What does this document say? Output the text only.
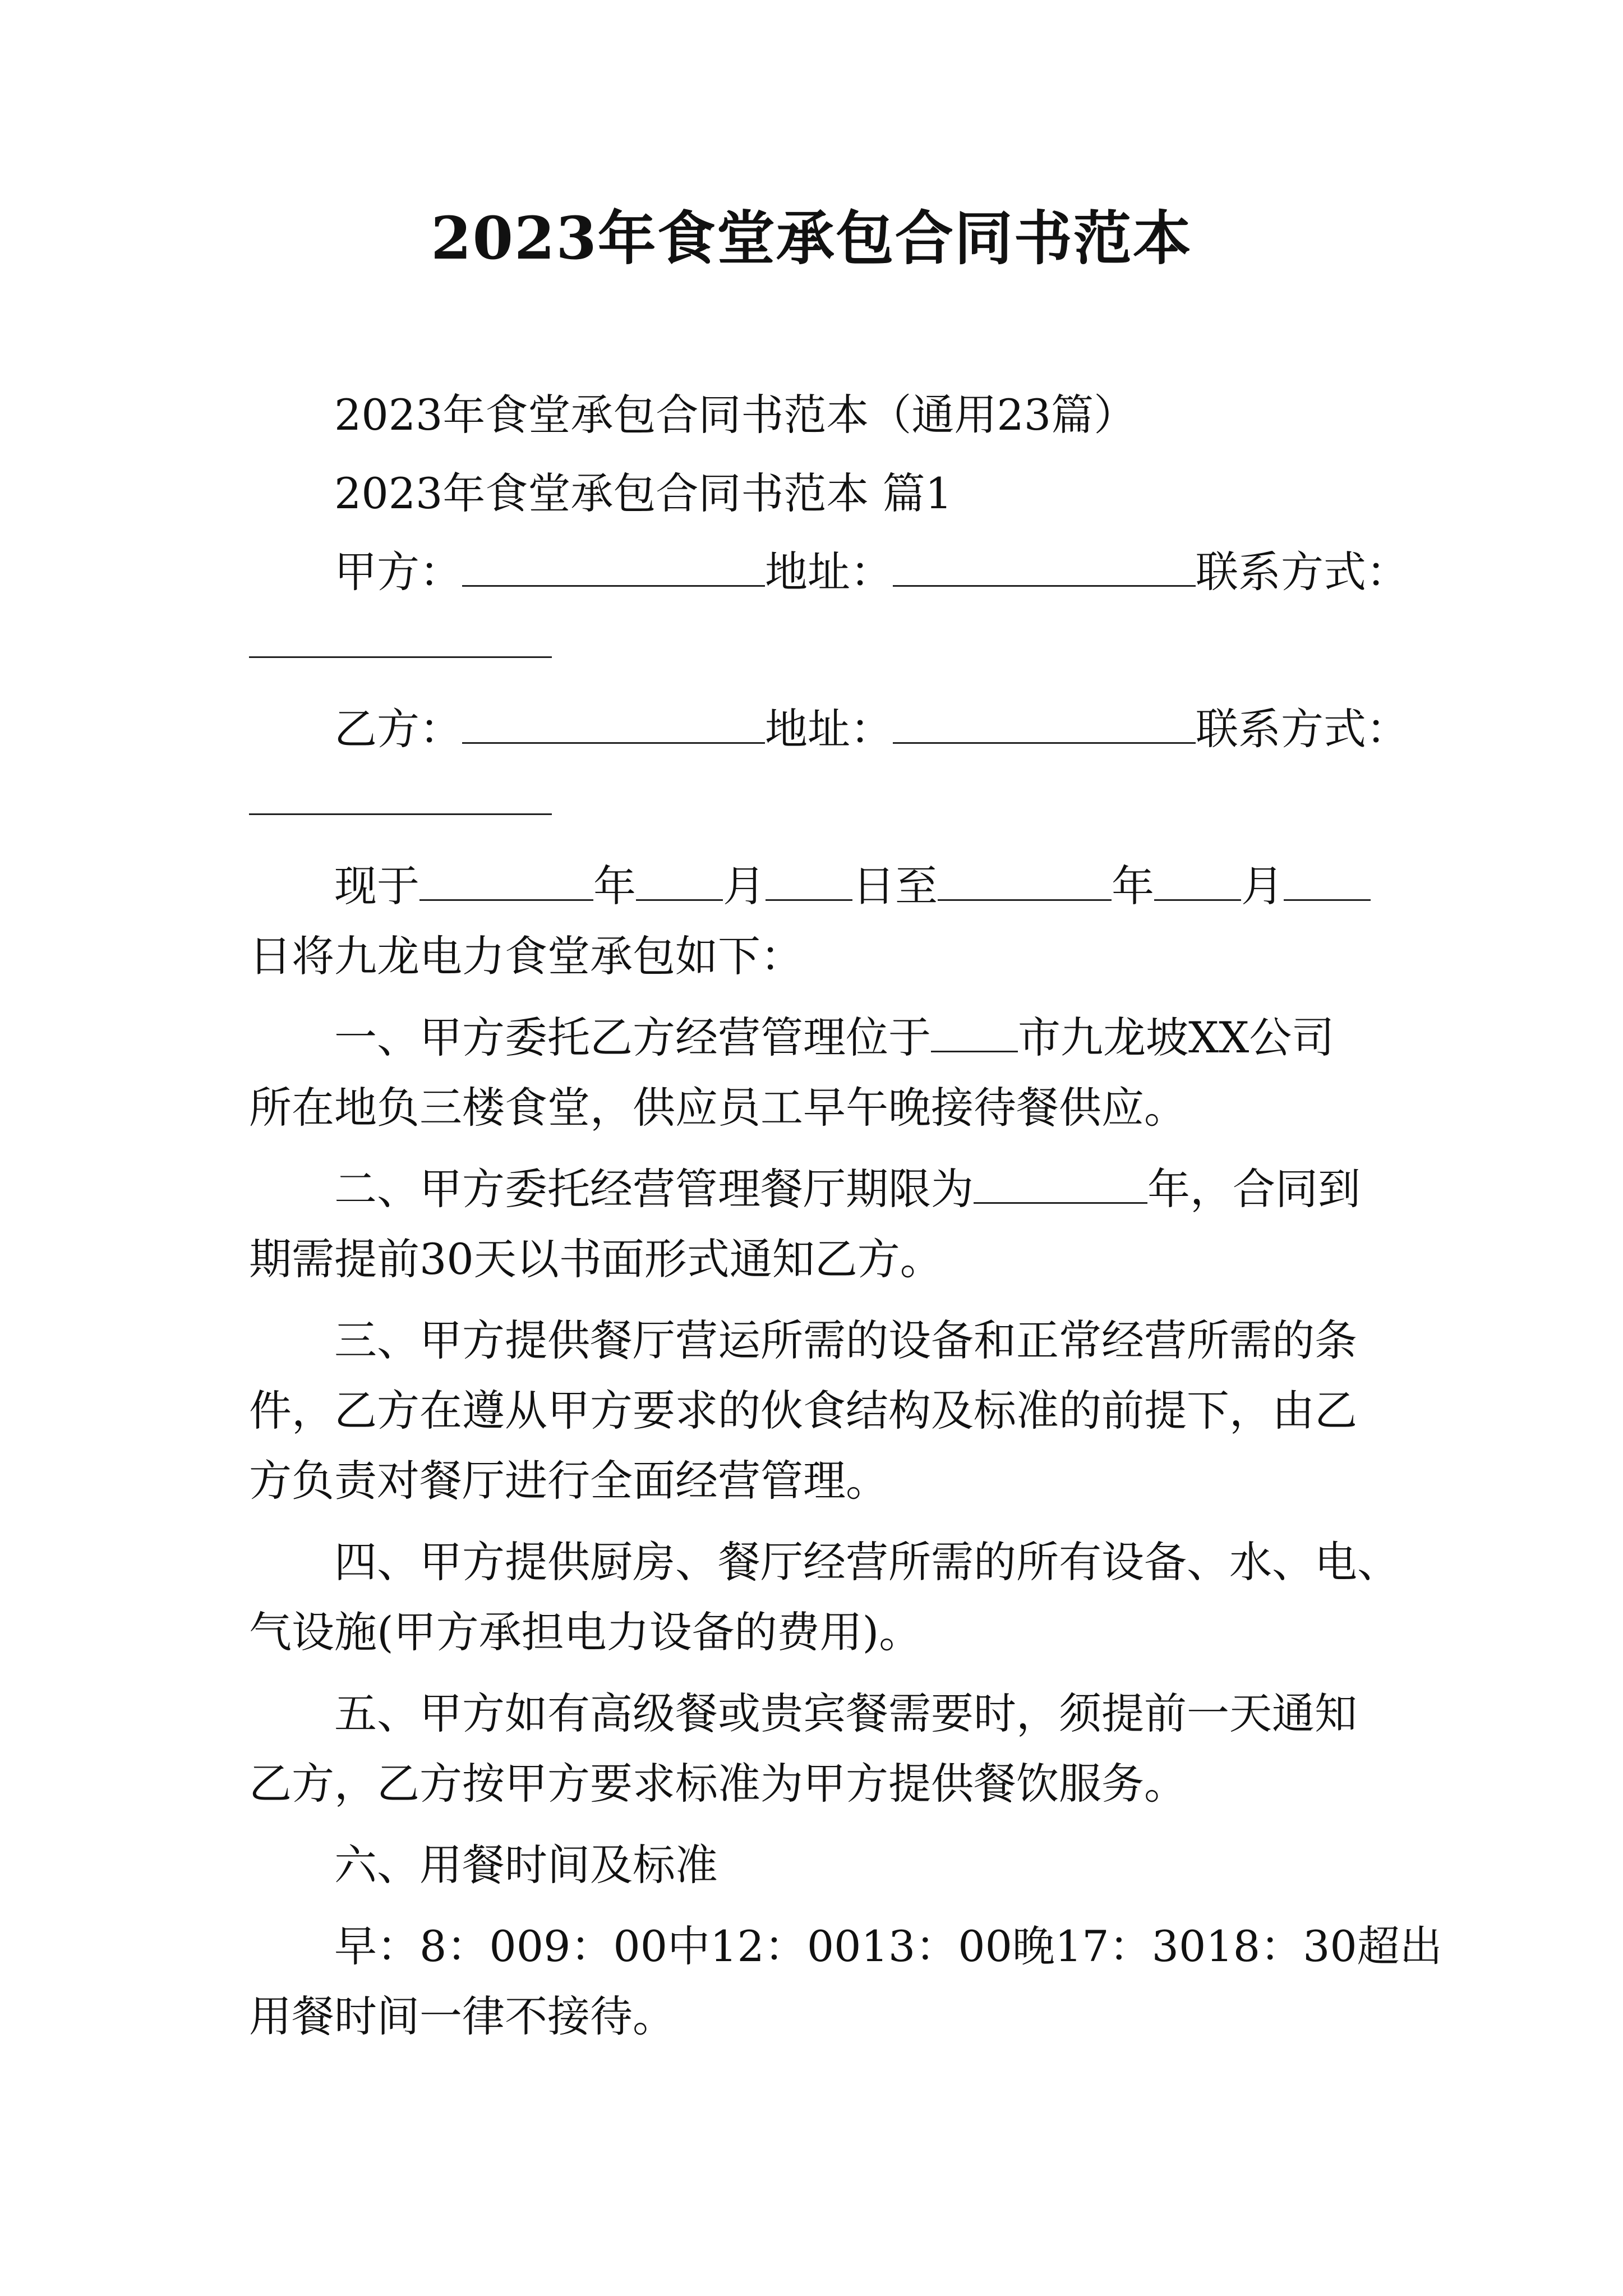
2023年食堂承包合同书范本
2023年食堂承包合同书范本（通用23篇）
2023年食堂承包合同书范本 篇1
甲方：	地址：	联系方式：
乙方：	地址：	联系方式：
现于	年 月 日至	年 月
日将九龙电力食堂承包如下：
一、甲方委托乙方经营管理位于 市九龙坡XX公司
所在地负三楼食堂，供应员工早午晚接待餐供应。
二、甲方委托经营管理餐厅期限为	年，合同到
期需提前30天以书面形式通知乙方。
三、甲方提供餐厅营运所需的设备和正常经营所需的条
件，乙方在遵从甲方要求的伙食结构及标准的前提下，由乙
方负责对餐厅进行全面经营管理。
四、甲方提供厨房、餐厅经营所需的所有设备、水、电、
气设施(甲方承担电力设备的费用)。
五、甲方如有高级餐或贵宾餐需要时，须提前一天通知
乙方，乙方按甲方要求标准为甲方提供餐饮服务。
六、用餐时间及标准
早：8：009：00中12：0013：00晚17：3018：30超出
用餐时间一律不接待。
